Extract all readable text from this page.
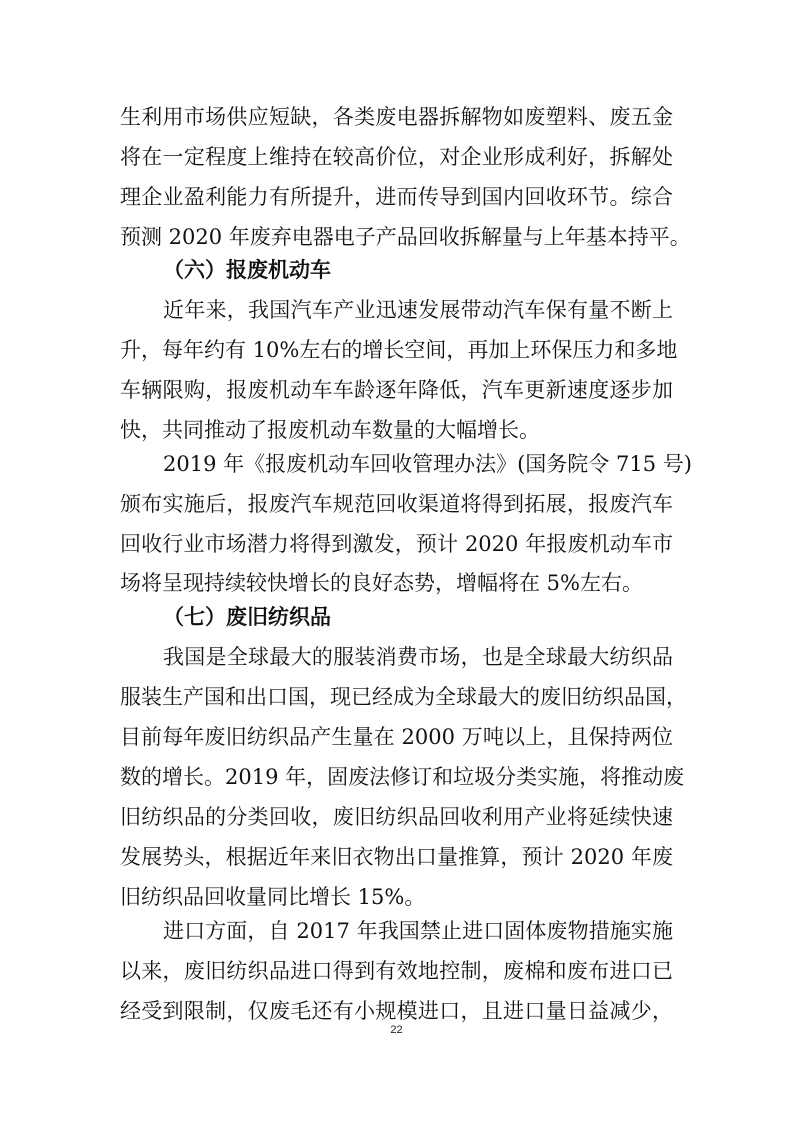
生利用市场供应短缺，各类废电器拆解物如废塑料、废五金
将在一定程度上维持在较高价位，对企业形成利好，拆解处
理企业盈利能力有所提升，进而传导到国内回收环节。综合
预测 2020 年废弃电器电子产品回收拆解量与上年基本持平。
（六）报废机动车
近年来，我国汽车产业迅速发展带动汽车保有量不断上
升，每年约有 10%左右的增长空间，再加上环保压力和多地
车辆限购，报废机动车车龄逐年降低，汽车更新速度逐步加
快，共同推动了报废机动车数量的大幅增长。
2019 年《报废机动车回收管理办法》(国务院令 715 号)
颁布实施后，报废汽车规范回收渠道将得到拓展，报废汽车
回收行业市场潜力将得到激发，预计 2020 年报废机动车市
场将呈现持续较快增长的良好态势，增幅将在 5%左右。
（七）废旧纺织品
我国是全球最大的服装消费市场，也是全球最大纺织品
服装生产国和出口国，现已经成为全球最大的废旧纺织品国，
目前每年废旧纺织品产生量在 2000 万吨以上，且保持两位
数的增长。2019 年，固废法修订和垃圾分类实施，将推动废
旧纺织品的分类回收，废旧纺织品回收利用产业将延续快速
发展势头，根据近年来旧衣物出口量推算，预计 2020 年废
旧纺织品回收量同比增长 15%。
进口方面，自 2017 年我国禁止进口固体废物措施实施
以来，废旧纺织品进口得到有效地控制，废棉和废布进口已
经受到限制，仅废毛还有小规模进口，且进口量日益减少，
22
